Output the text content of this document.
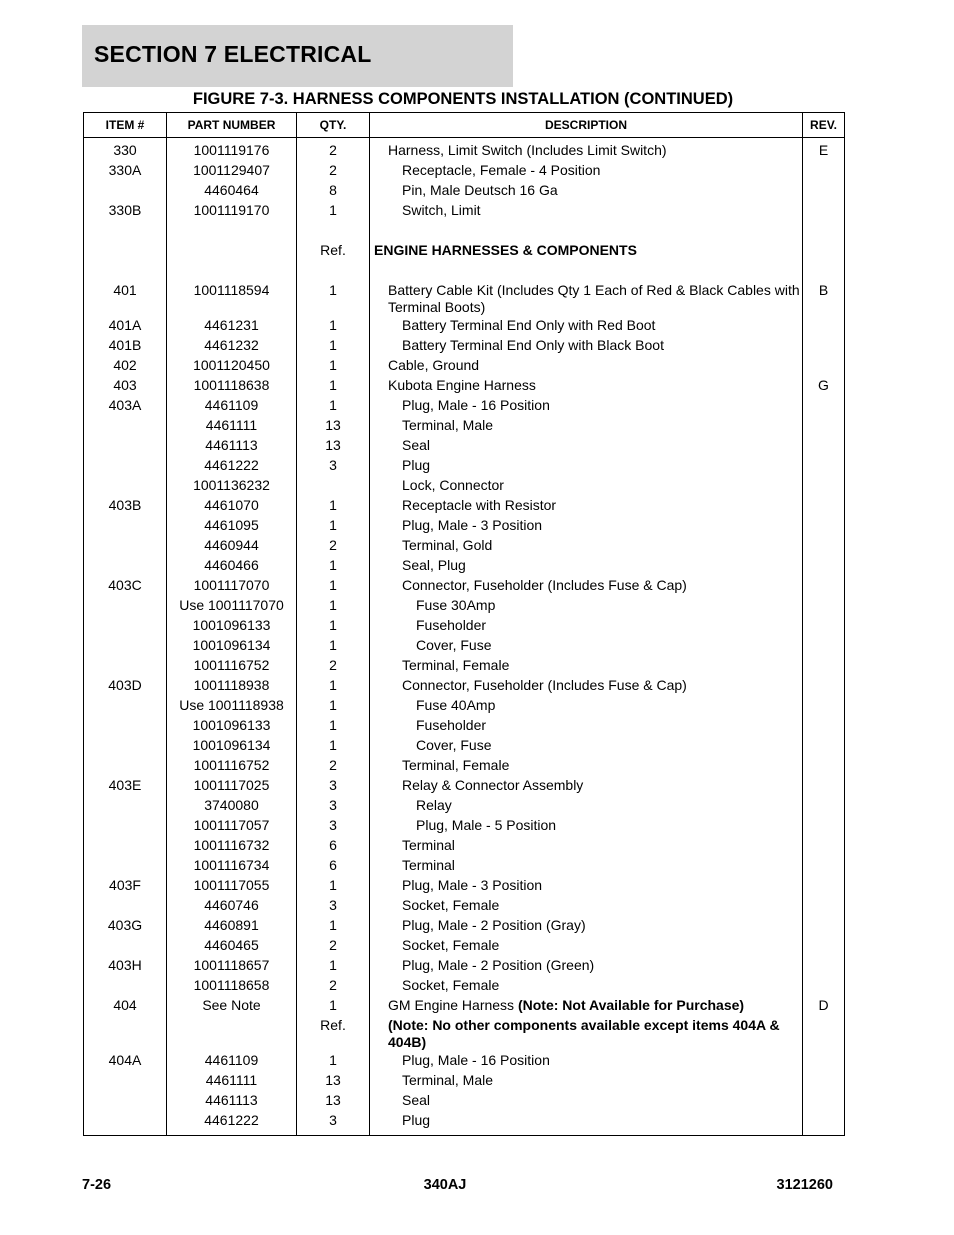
SECTION 7 ELECTRICAL
FIGURE 7-3. HARNESS COMPONENTS INSTALLATION (CONTINUED)
ITEM #	PART NUMBER	QTY.	DESCRIPTION	REV.
330	1001119176	2	Harness, Limit Switch (Includes Limit Switch)	E
330A	1001129407	2	Receptacle, Female - 4 Position	

	4460464	8	Pin, Male Deutsch 16 Ga	

330B	1001119170	1	Switch, Limit	

		Ref.	ENGINE HARNESSES & COMPONENTS	

401	1001118594	1	Battery Cable Kit (Includes Qty 1 Each of Red & Black Cables with Terminal Boots)	B
401A	4461231	1	Battery Terminal End Only with Red Boot	

401B	4461232	1	Battery Terminal End Only with Black Boot	

402	1001120450	1	Cable, Ground	

403	1001118638	1	Kubota Engine Harness	G
403A	4461109	1	Plug, Male - 16 Position	

	4461111	13	Terminal, Male	

	4461113	13	Seal	

	4461222	3	Plug	

	1001136232		Lock, Connector	

403B	4461070	1	Receptacle with Resistor	

	4461095	1	Plug, Male - 3 Position	

	4460944	2	Terminal, Gold	

	4460466	1	Seal, Plug	

403C	1001117070	1	Connector, Fuseholder (Includes Fuse & Cap)	

	Use 1001117070	1	Fuse 30Amp	

	1001096133	1	Fuseholder	

	1001096134	1	Cover, Fuse	

	1001116752	2	Terminal, Female	

403D	1001118938	1	Connector, Fuseholder (Includes Fuse & Cap)	

	Use 1001118938	1	Fuse 40Amp	

	1001096133	1	Fuseholder	

	1001096134	1	Cover, Fuse	

	1001116752	2	Terminal, Female	

403E	1001117025	3	Relay & Connector Assembly	

	3740080	3	Relay	

	1001117057	3	Plug, Male - 5 Position	

	1001116732	6	Terminal	

	1001116734	6	Terminal	

403F	1001117055	1	Plug, Male - 3 Position	

	4460746	3	Socket, Female	

403G	4460891	1	Plug, Male - 2 Position (Gray)	

	4460465	2	Socket, Female	

403H	1001118657	1	Plug, Male - 2 Position (Green)	

	1001118658	2	Socket, Female	

404	See Note	1	GM Engine Harness (Note: Not Available for Purchase)	D
		Ref.	(Note: No other components available except items 404A & 404B)	

404A	4461109	1	Plug, Male - 16 Position	

	4461111	13	Terminal, Male	

	4461113	13	Seal	

	4461222	3	Plug	

7-26	340AJ	3121260
